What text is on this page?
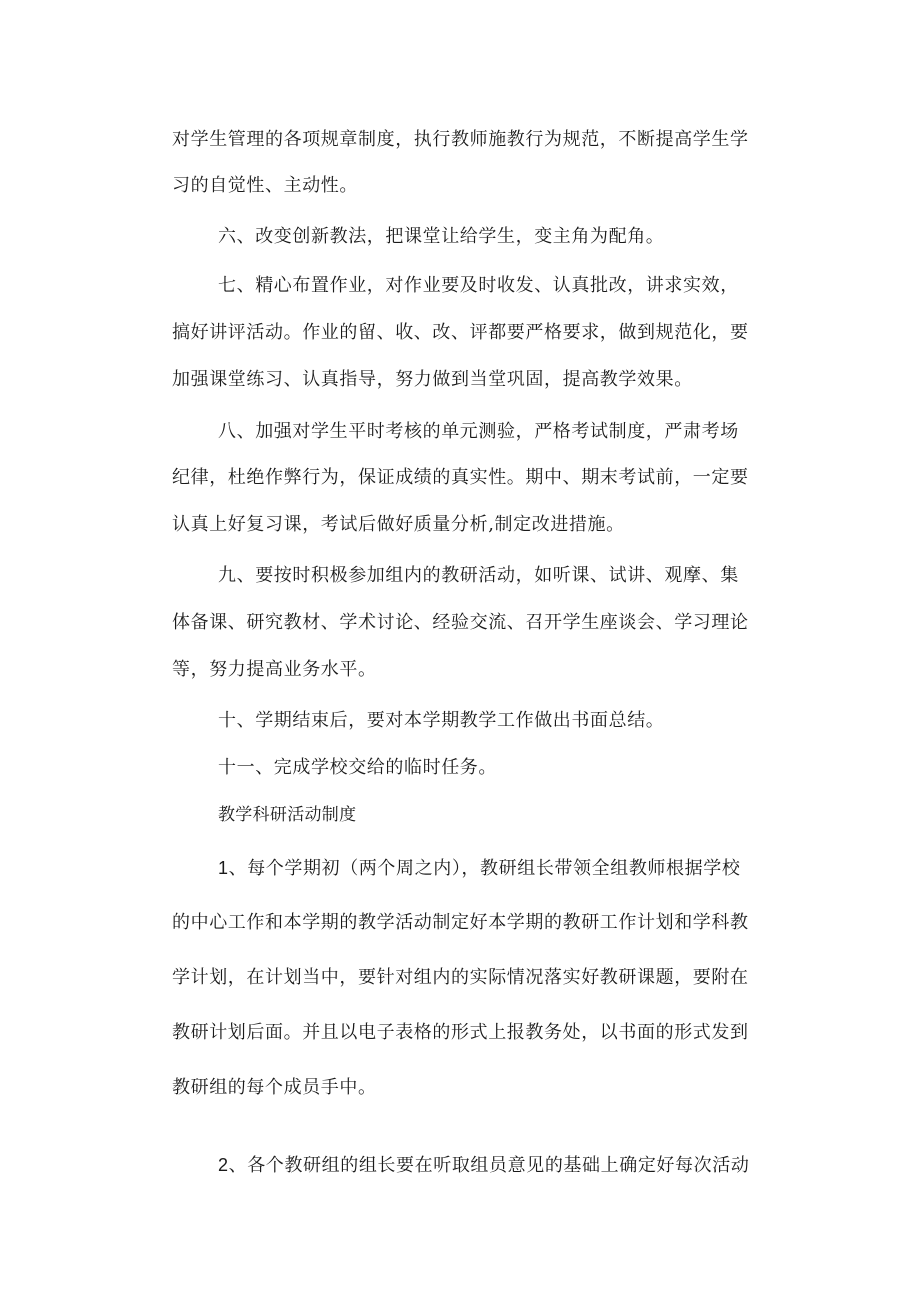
对学生管理的各项规章制度，执行教师施教行为规范，不断提高学生学
习的自觉性、主动性。
六、改变创新教法，把课堂让给学生，变主角为配角。
七、精心布置作业，对作业要及时收发、认真批改，讲求实效，
搞好讲评活动。作业的留、收、改、评都要严格要求，做到规范化，要
加强课堂练习、认真指导，努力做到当堂巩固，提高教学效果。
八、加强对学生平时考核的单元测验，严格考试制度，严肃考场
纪律，杜绝作弊行为，保证成绩的真实性。期中、期末考试前，一定要
认真上好复习课，考试后做好质量分析,制定改进措施。
九、要按时积极参加组内的教研活动，如听课、试讲、观摩、集
体备课、研究教材、学术讨论、经验交流、召开学生座谈会、学习理论
等，努力提高业务水平。
十、学期结束后，要对本学期教学工作做出书面总结。
十一、完成学校交给的临时任务。
教学科研活动制度
1、每个学期初（两个周之内），教研组长带领全组教师根据学校
的中心工作和本学期的教学活动制定好本学期的教研工作计划和学科教
学计划，在计划当中，要针对组内的实际情况落实好教研课题，要附在
教研计划后面。并且以电子表格的形式上报教务处，以书面的形式发到
教研组的每个成员手中。
2、各个教研组的组长要在听取组员意见的基础上确定好每次活动
